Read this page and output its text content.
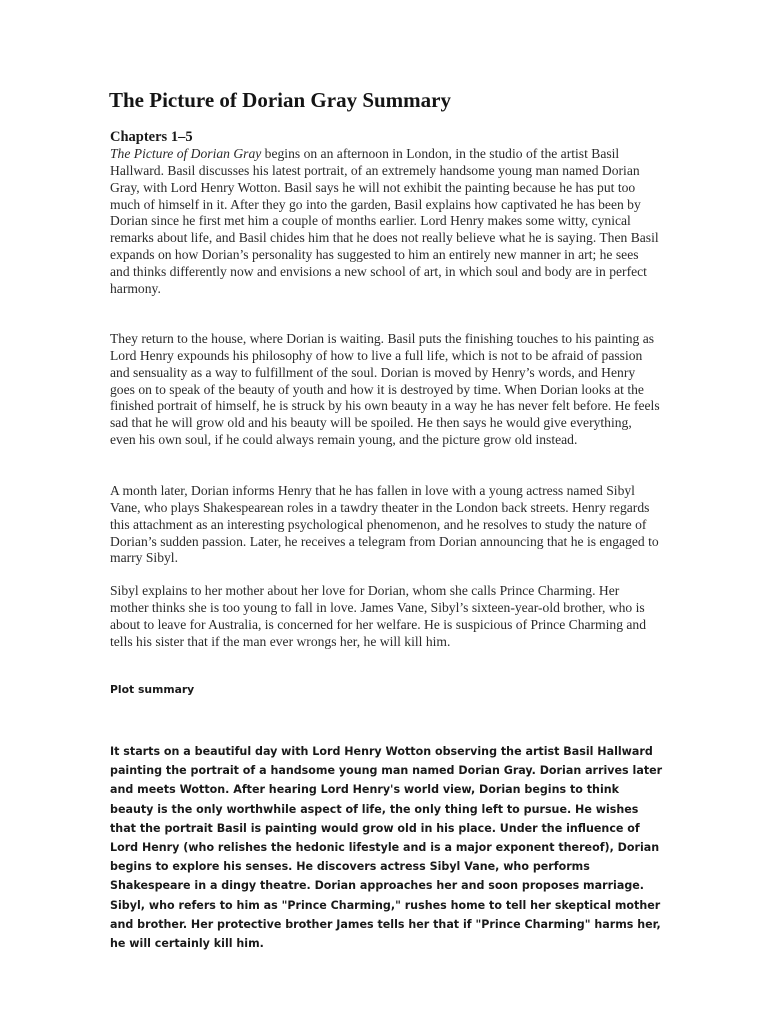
The Picture of Dorian Gray Summary
Chapters 1–5

The Picture of Dorian Gray begins on an afternoon in London, in the studio of the artist Basil Hallward. Basil discusses his latest portrait, of an extremely handsome young man named Dorian Gray, with Lord Henry Wotton. Basil says he will not exhibit the painting because he has put too much of himself in it. After they go into the garden, Basil explains how captivated he has been by Dorian since he first met him a couple of months earlier. Lord Henry makes some witty, cynical remarks about life, and Basil chides him that he does not really believe what he is saying. Then Basil expands on how Dorian’s personality has suggested to him an entirely new manner in art; he sees and thinks differently now and envisions a new school of art, in which soul and body are in perfect harmony.

They return to the house, where Dorian is waiting. Basil puts the finishing touches to his painting as Lord Henry expounds his philosophy of how to live a full life, which is not to be afraid of passion and sensuality as a way to fulfillment of the soul. Dorian is moved by Henry’s words, and Henry goes on to speak of the beauty of youth and how it is destroyed by time. When Dorian looks at the finished portrait of himself, he is struck by his own beauty in a way he has never felt before. He feels sad that he will grow old and his beauty will be spoiled. He then says he would give everything, even his own soul, if he could always remain young, and the picture grow old instead.

A month later, Dorian informs Henry that he has fallen in love with a young actress named Sibyl Vane, who plays Shakespearean roles in a tawdry theater in the London back streets. Henry regards this attachment as an interesting psychological phenomenon, and he resolves to study the nature of Dorian’s sudden passion. Later, he receives a telegram from Dorian announcing that he is engaged to marry Sibyl.

Sibyl explains to her mother about her love for Dorian, whom she calls Prince Charming. Her mother thinks she is too young to fall in love. James Vane, Sibyl’s sixteen-year-old brother, who is about to leave for Australia, is concerned for her welfare. He is suspicious of Prince Charming and tells his sister that if the man ever wrongs her, he will kill him.

Plot summary

It starts on a beautiful day with Lord Henry Wotton observing the artist Basil Hallward painting the portrait of a handsome young man named Dorian Gray. Dorian arrives later and meets Wotton. After hearing Lord Henry's world view, Dorian begins to think beauty is the only worthwhile aspect of life, the only thing left to pursue. He wishes that the portrait Basil is painting would grow old in his place. Under the influence of Lord Henry (who relishes the hedonic lifestyle and is a major exponent thereof), Dorian begins to explore his senses. He discovers actress Sibyl Vane, who performs Shakespeare in a dingy theatre. Dorian approaches her and soon proposes marriage. Sibyl, who refers to him as "Prince Charming," rushes home to tell her skeptical mother and brother. Her protective brother James tells her that if "Prince Charming" harms her, he will certainly kill him.
